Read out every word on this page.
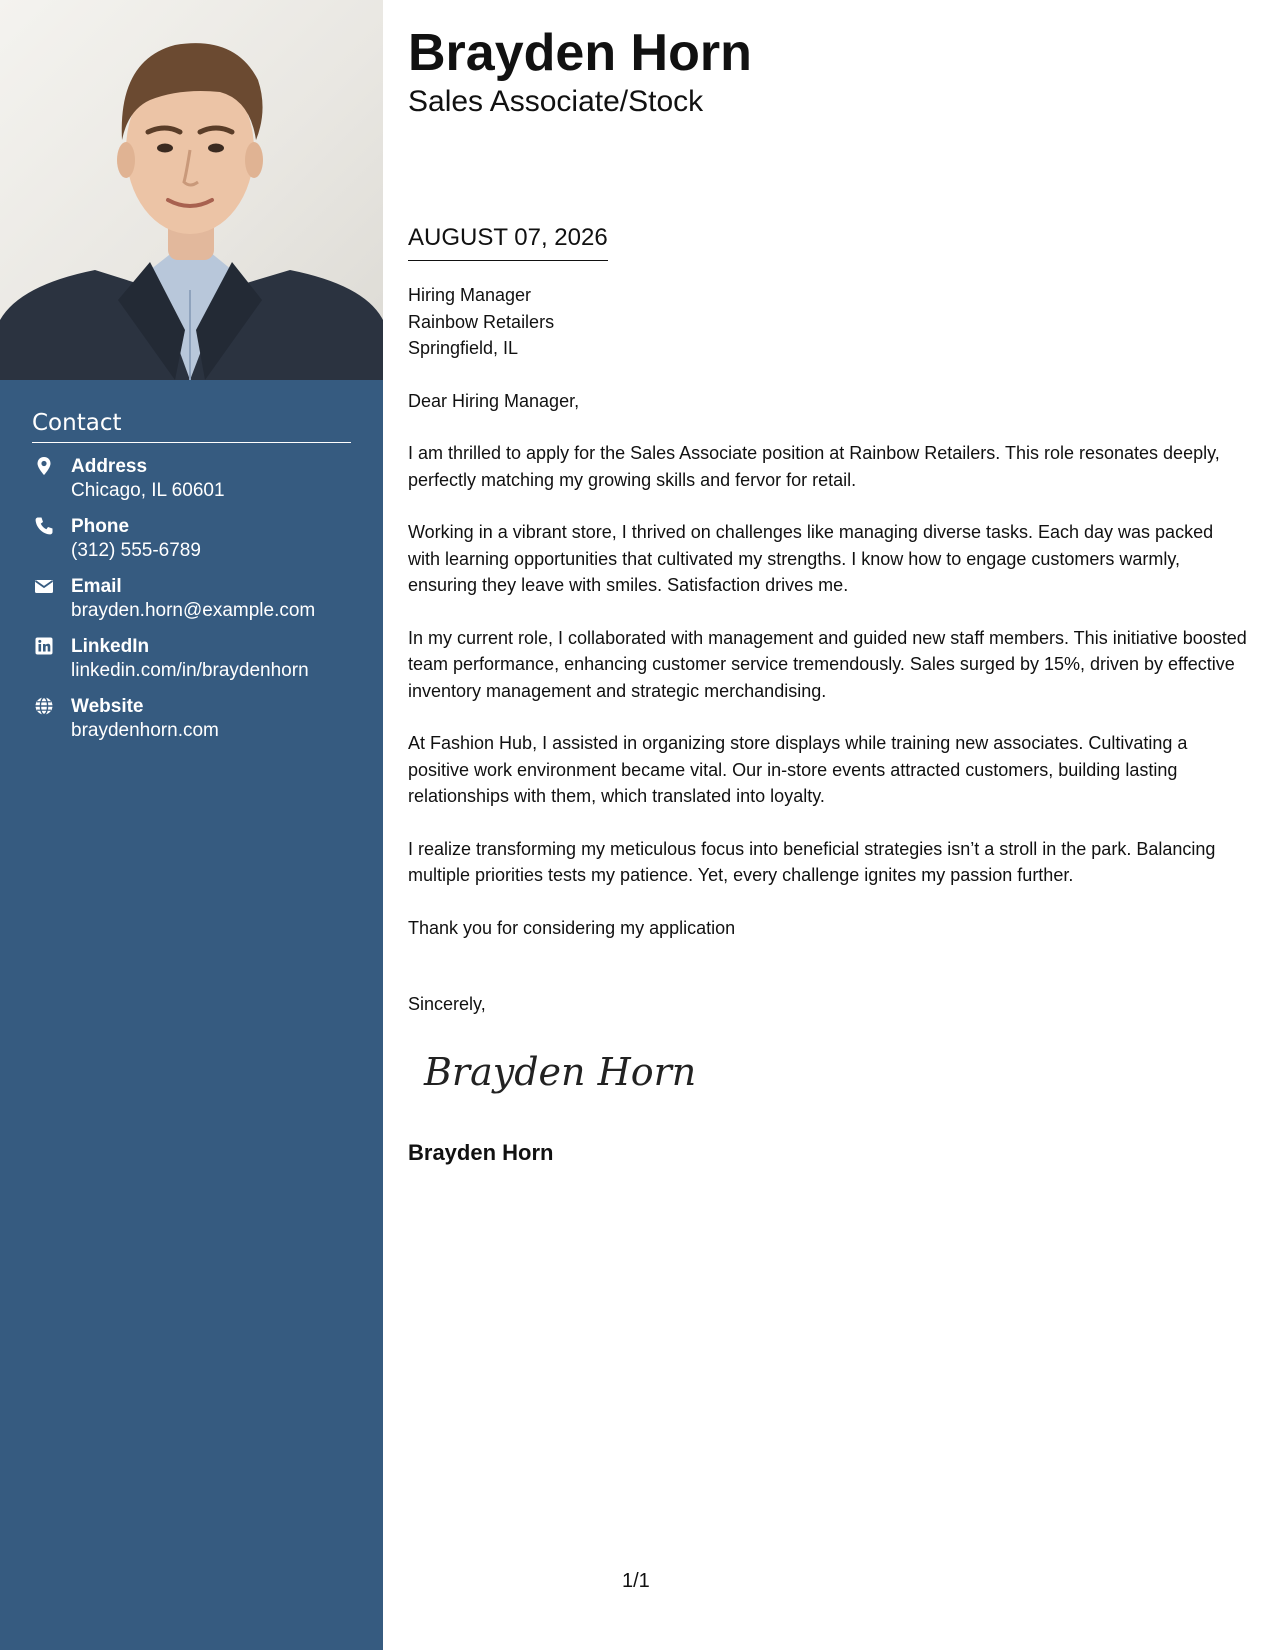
Contact
Address
Chicago, IL 60601
Phone
(312) 555-6789
Email
brayden.horn@example.com
LinkedIn
linkedin.com/in/braydenhorn
Website
braydenhorn.com
Brayden Horn
Sales Associate/Stock
AUGUST 07, 2026

Hiring Manager
Rainbow Retailers
Springfield, IL

Dear Hiring Manager,

I am thrilled to apply for the Sales Associate position at Rainbow Retailers. This role resonates deeply, perfectly matching my growing skills and fervor for retail.

Working in a vibrant store, I thrived on challenges like managing diverse tasks. Each day was packed with learning opportunities that cultivated my strengths. I know how to engage customers warmly, ensuring they leave with smiles. Satisfaction drives me.

In my current role, I collaborated with management and guided new staff members. This initiative boosted team performance, enhancing customer service tremendously. Sales surged by 15%, driven by effective inventory management and strategic merchandising.

At Fashion Hub, I assisted in organizing store displays while training new associates. Cultivating a positive work environment became vital. Our in-store events attracted customers, building lasting relationships with them, which translated into loyalty.

I realize transforming my meticulous focus into beneficial strategies isn’t a stroll in the park. Balancing multiple priorities tests my patience. Yet, every challenge ignites my passion further.

Thank you for considering my application

Sincerely,
Brayden Horn
Brayden Horn
1/1
